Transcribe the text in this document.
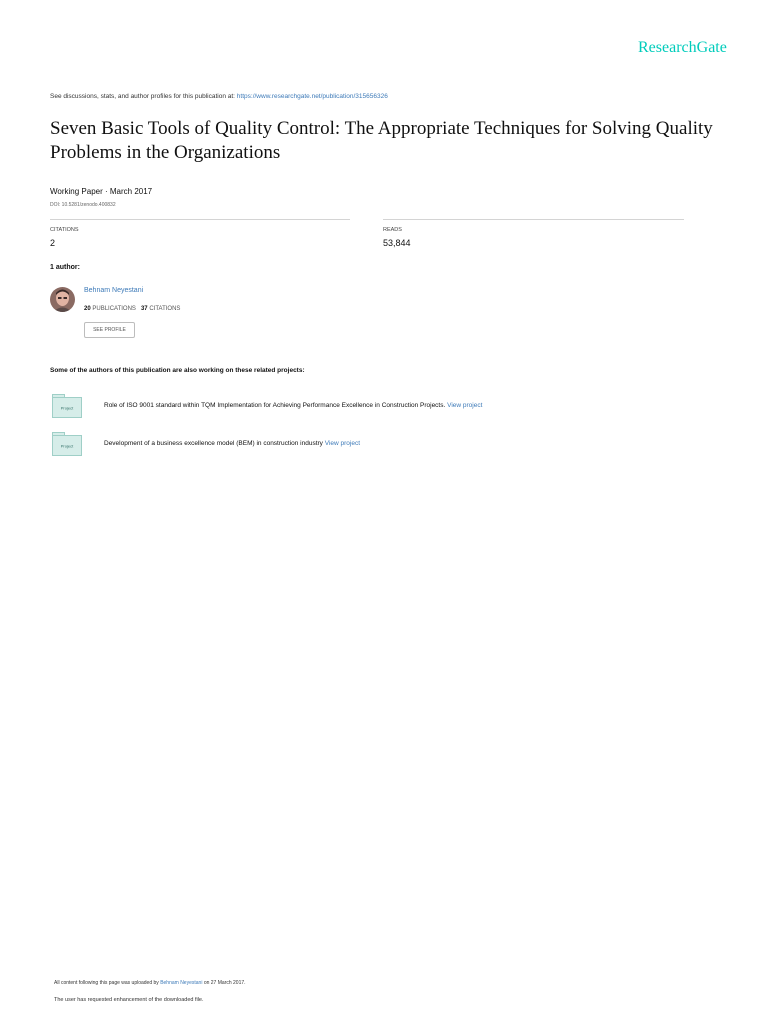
ResearchGate
See discussions, stats, and author profiles for this publication at: https://www.researchgate.net/publication/315656326
Seven Basic Tools of Quality Control: The Appropriate Techniques for Solving Quality Problems in the Organizations
Working Paper · March 2017
DOI: 10.5281/zenodo.400832
CITATIONS
2
READS
53,844
1 author:
Behnam Neyestani
20 PUBLICATIONS 37 CITATIONS
SEE PROFILE
Some of the authors of this publication are also working on these related projects:
Project	Role of ISO 9001 standard within TQM Implementation for Achieving Performance Excellence in Construction Projects. View project
Project	Development of a business excellence model (BEM) in construction industry View project
All content following this page was uploaded by Behnam Neyestani on 27 March 2017.
The user has requested enhancement of the downloaded file.
